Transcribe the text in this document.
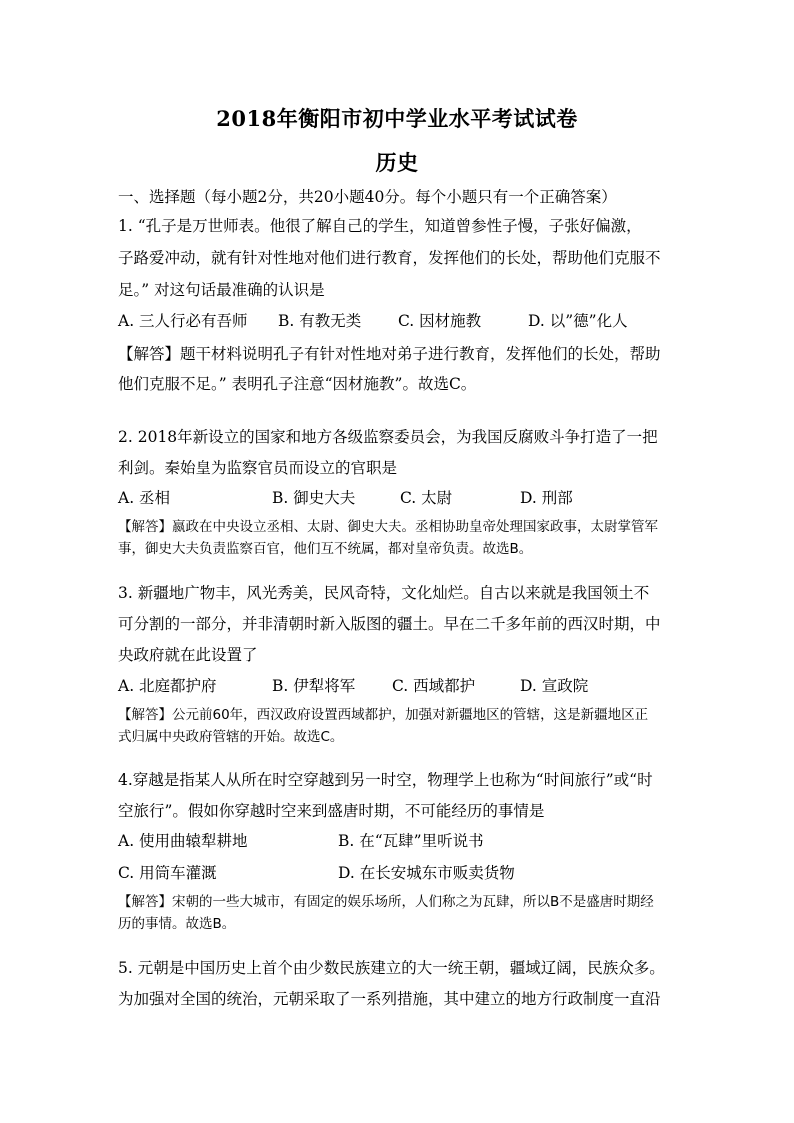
2018年衡阳市初中学业水平考试试卷
历史
一、选择题（每小题2分，共20小题40分。每个小题只有一个正确答案）
1. “孔子是万世师表。他很了解自己的学生，知道曾参性子慢，子张好偏激，
子路爱冲动，就有针对性地对他们进行教育，发挥他们的长处，帮助他们克服不
足。” 对这句话最准确的认识是
A. 三人行必有吾师 B. 有教无类 C. 因材施教	D. 以”德”化人
【解答】题干材料说明孔子有针对性地对弟子进行教育，发挥他们的长处，帮助
他们克服不足。” 表明孔子注意“因材施教”。故选C。
2. 2018年新设立的国家和地方各级监察委员会，为我国反腐败斗争打造了一把
利剑。秦始皇为监察官员而设立的官职是
A. 丞相	B. 御史大夫	C. 太尉	D. 刑部
【解答】嬴政在中央设立丞相、太尉、御史大夫。丞相协助皇帝处理国家政事，太尉掌管军
事，御史大夫负责监察百官，他们互不统属，都对皇帝负责。故选B。
3. 新疆地广物丰，风光秀美，民风奇特，文化灿烂。自古以来就是我国领土不
可分割的一部分，并非清朝时新入版图的疆土。早在二千多年前的西汉时期，中
央政府就在此设置了
A. 北庭都护府	B. 伊犁将军 C. 西域都护	D. 宣政院
【解答】公元前60年，西汉政府设置西域都护，加强对新疆地区的管辖，这是新疆地区正
式归属中央政府管辖的开始。故选C。
4.穿越是指某人从所在时空穿越到另一时空，物理学上也称为“时间旅行”或“时
空旅行”。假如你穿越时空来到盛唐时期，不可能经历的事情是
A. 使用曲辕犁耕地	B. 在“瓦肆”里听说书
C. 用筒车灌溉	D. 在长安城东市贩卖货物
【解答】宋朝的一些大城市，有固定的娱乐场所，人们称之为瓦肆，所以B不是盛唐时期经
历的事情。故选B。
5. 元朝是中国历史上首个由少数民族建立的大一统王朝，疆域辽阔，民族众多。
为加强对全国的统治，元朝采取了一系列措施，其中建立的地方行政制度一直沿
